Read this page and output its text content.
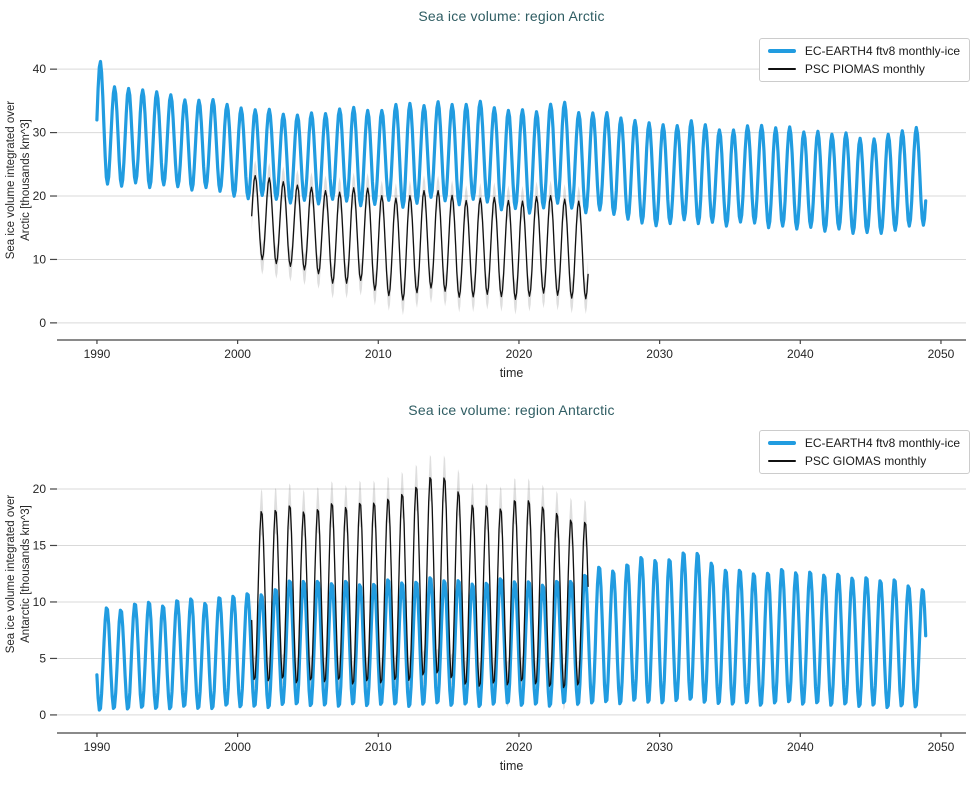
1990	2000	2010	2020	2030	2040	2050
0
10
20
30
40
time
Sea ice volume: region Arctic
Sea ice volume integrated over Arctic [thousands km^3]
EC-EARTH4 ftv8 monthly-ice
PSC PIOMAS monthly
1990	2000	2010	2020	2030	2040	2050
0
5
10
15
20
time
Sea ice volume: region Antarctic
Sea ice volume integrated over Antarctic [thousands km^3]
EC-EARTH4 ftv8 monthly-ice
PSC GIOMAS monthly
